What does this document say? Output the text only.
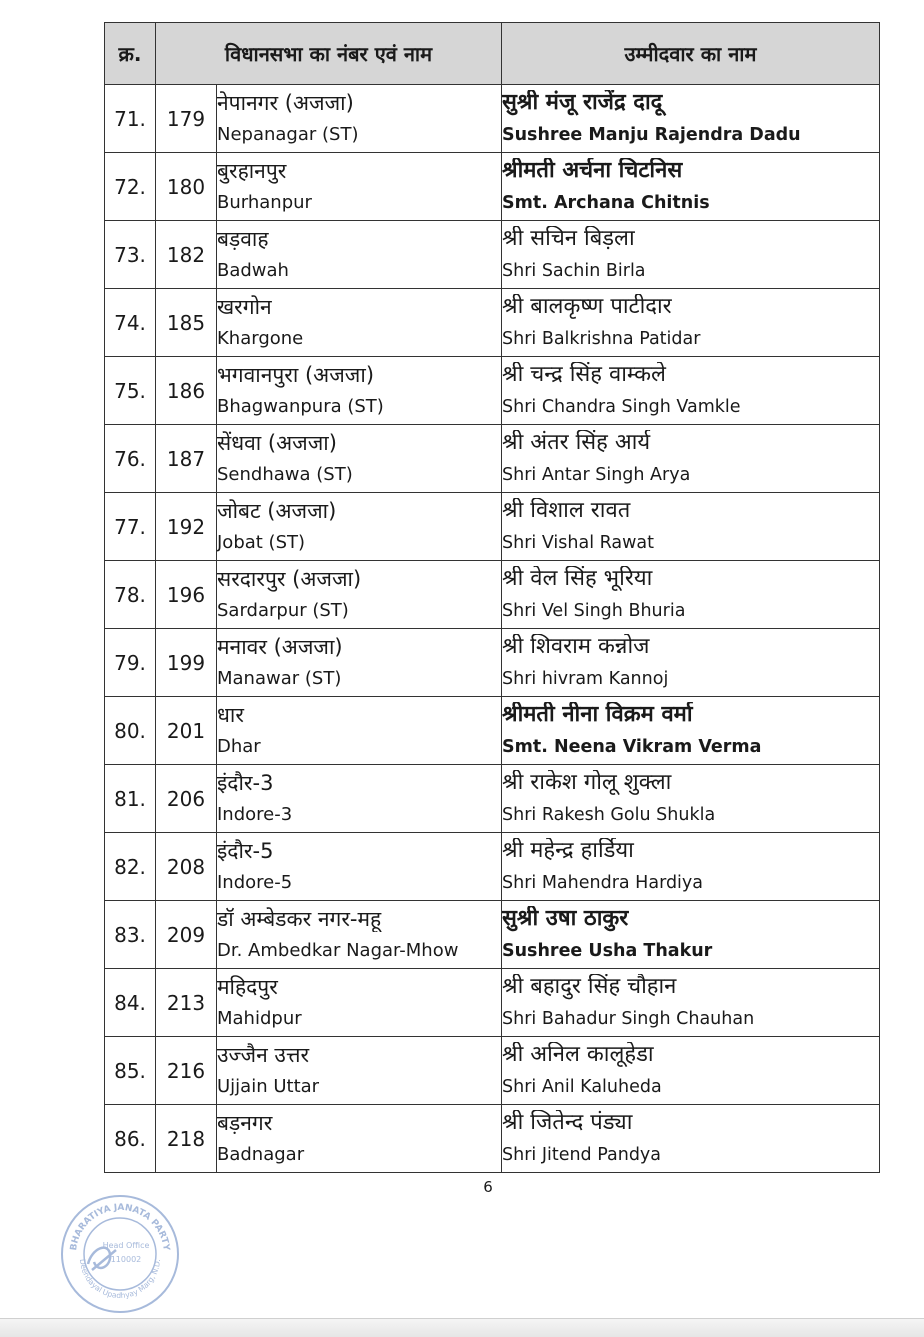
क्र.	विधानसभा का नंबर एवं नाम		उम्मीदवार का नाम
71.	179	नेपानगर (अजजा)
Nepanagar (ST)	सुश्री मंजू राजेंद्र दादू
Sushree Manju Rajendra Dadu

72.	180	बुरहानपुर
Burhanpur	श्रीमती अर्चना चिटनिस
Smt. Archana Chitnis

73.	182	बड़वाह
Badwah	श्री सचिन बिड़ला
Shri Sachin Birla

74.	185	खरगोन
Khargone	श्री बालकृष्ण पाटीदार
Shri Balkrishna Patidar

75.	186	भगवानपुरा (अजजा)
Bhagwanpura (ST)	श्री चन्द्र सिंह वाम्कले
Shri Chandra Singh Vamkle

76.	187	सेंधवा (अजजा)
Sendhawa (ST)	श्री अंतर सिंह आर्य
Shri Antar Singh Arya

77.	192	जोबट (अजजा)
Jobat (ST)	श्री विशाल रावत
Shri Vishal Rawat

78.	196	सरदारपुर (अजजा)
Sardarpur (ST)	श्री वेल सिंह भूरिया
Shri Vel Singh Bhuria

79.	199	मनावर (अजजा)
Manawar (ST)	श्री शिवराम कन्नोज
Shri hivram Kannoj

80.	201	धार
Dhar	श्रीमती नीना विक्रम वर्मा
Smt. Neena Vikram Verma

81.	206	इंदौर-3
Indore-3	श्री राकेश गोलू शुक्ला
Shri Rakesh Golu Shukla

82.	208	इंदौर-5
Indore-5	श्री महेन्द्र हार्डिया
Shri Mahendra Hardiya

83.	209	डॉ अम्बेडकर नगर-महू
Dr. Ambedkar Nagar-Mhow	सुश्री उषा ठाकुर
Sushree Usha Thakur

84.	213	महिदपुर
Mahidpur	श्री बहादुर सिंह चौहान
Shri Bahadur Singh Chauhan

85.	216	उज्जैन उत्तर
Ujjain Uttar	श्री अनिल कालूहेडा
Shri Anil Kaluheda

86.	218	बड़नगर
Badnagar	श्री जितेन्द पंड्या
Shri Jitend Pandya
6
BHARATIYA JANATA PARTY
Deendayal Upadhyay Marg, N.D.
Head Office
110002
